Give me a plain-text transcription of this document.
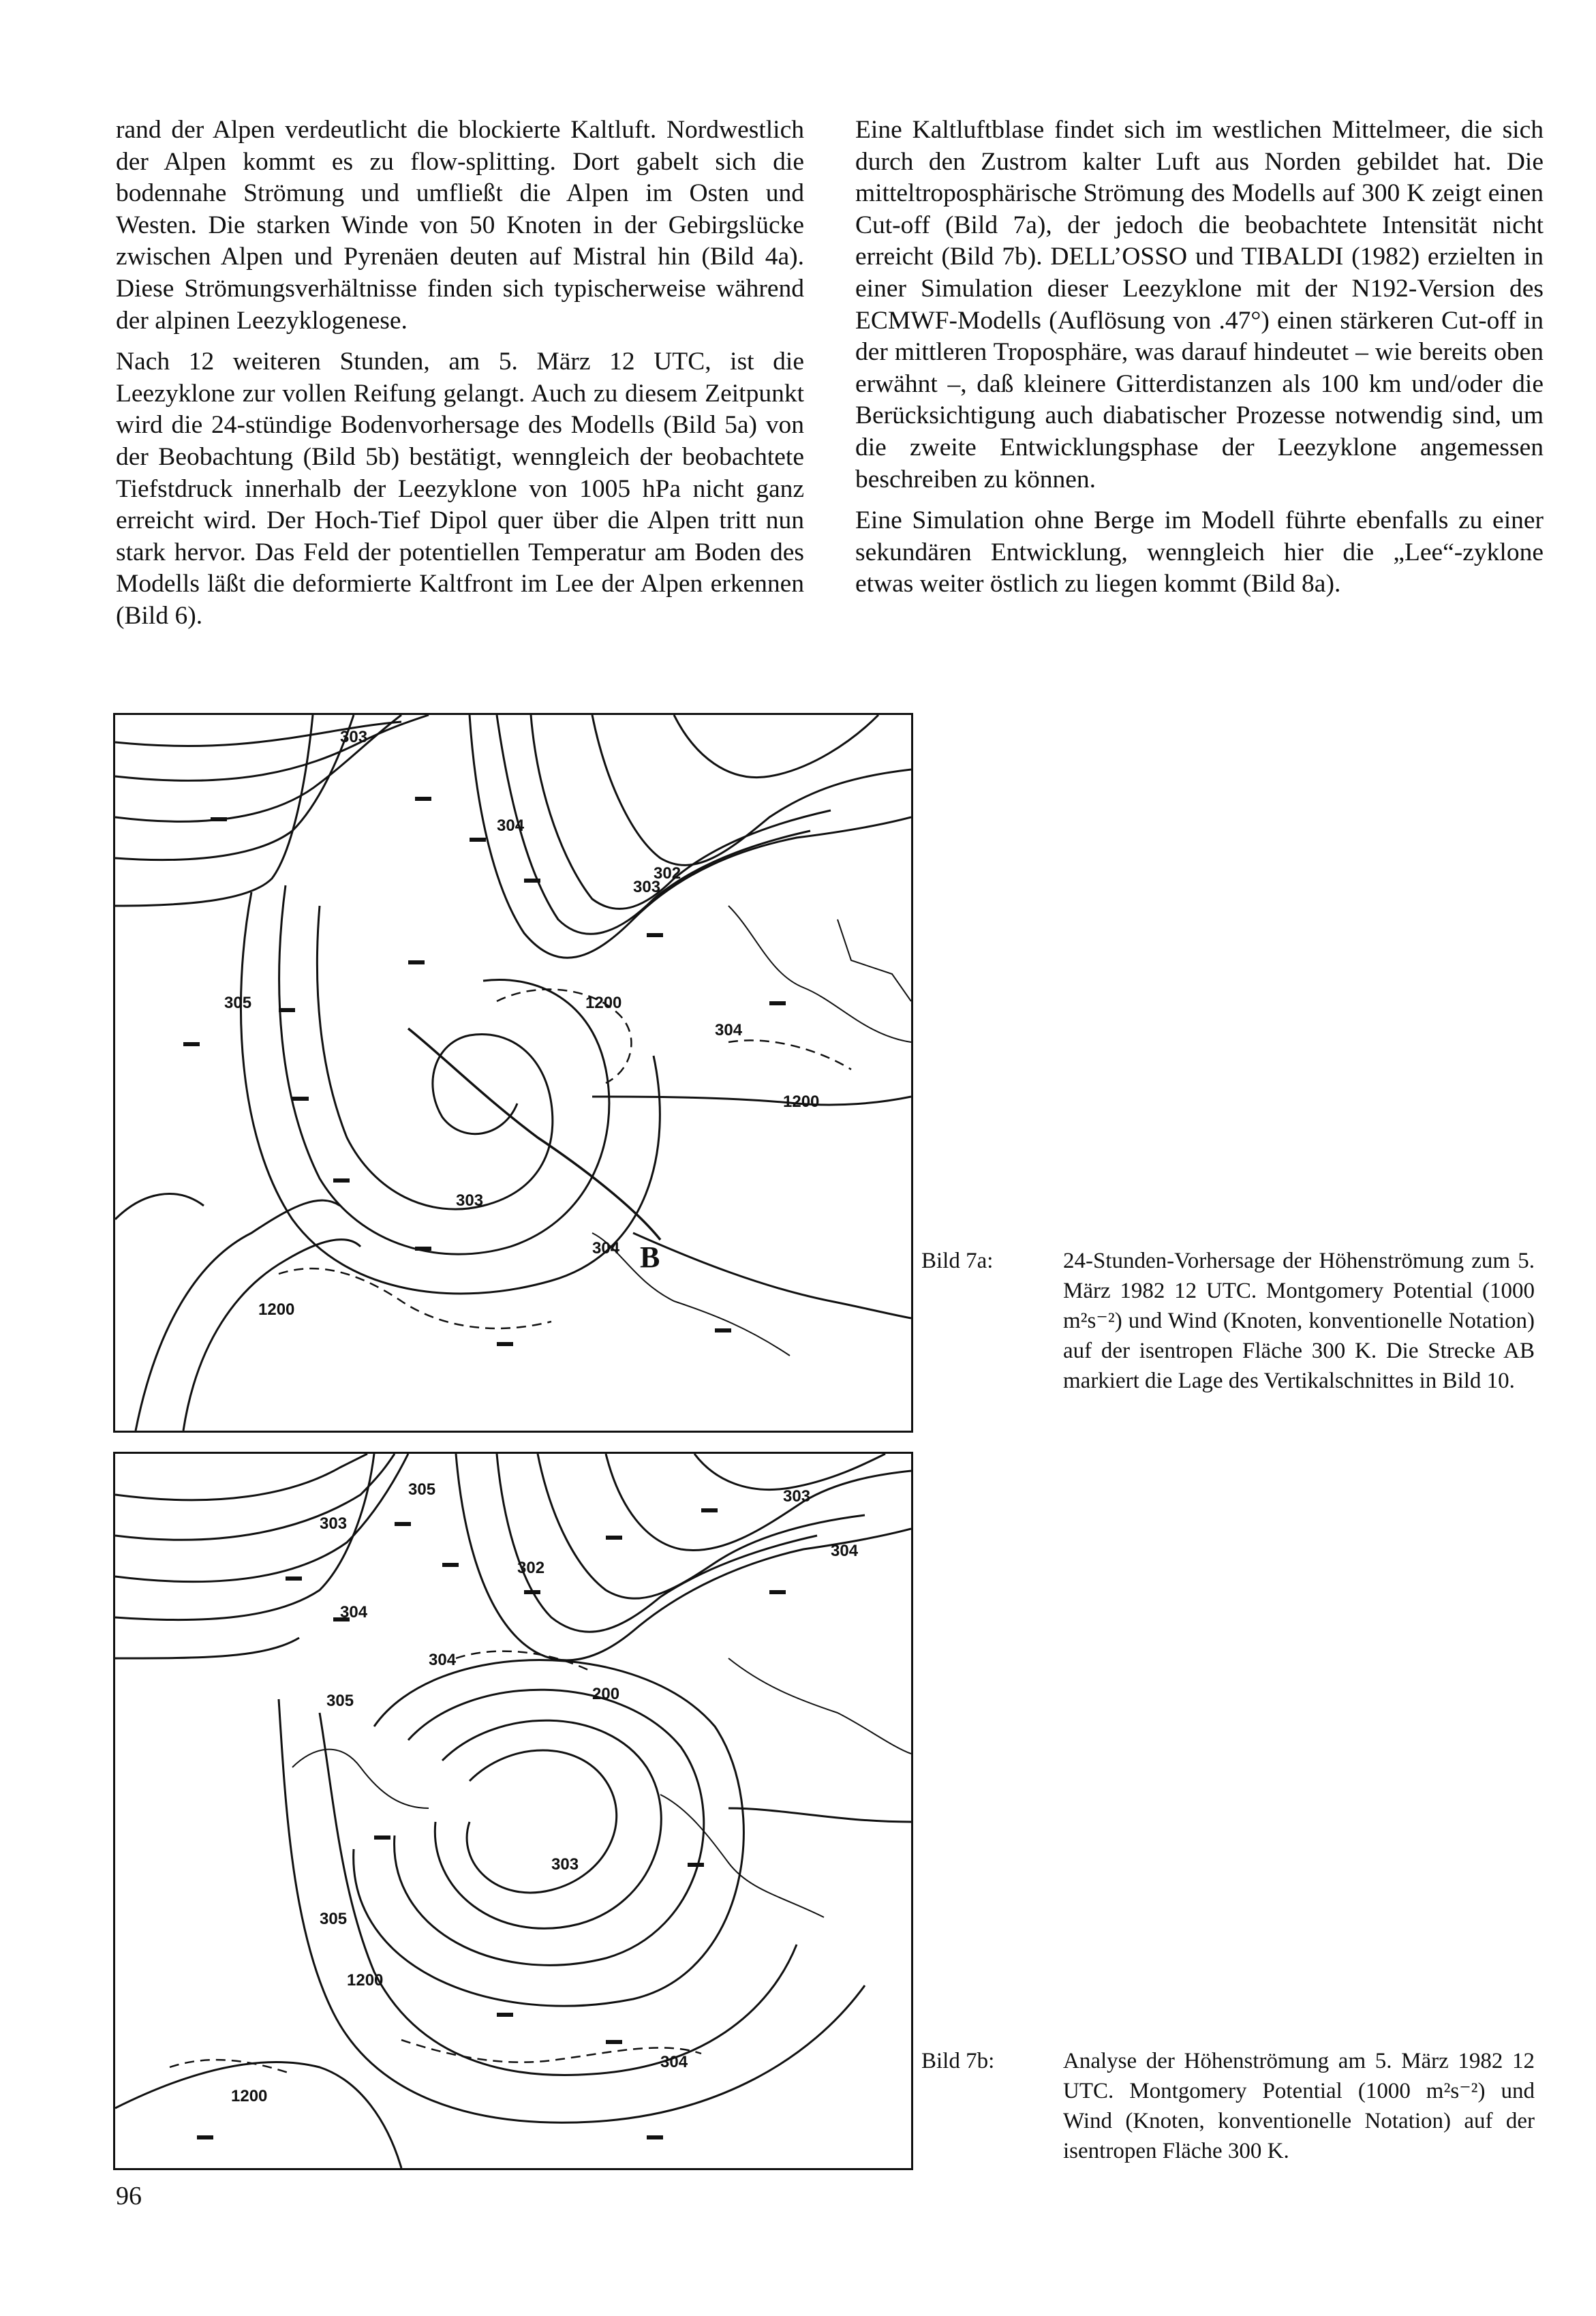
rand der Alpen verdeutlicht die blockierte Kaltluft. Nordwestlich der Alpen kommt es zu flow-splitting. Dort gabelt sich die bodennahe Strömung und umfließt die Alpen im Osten und Westen. Die starken Winde von 50 Knoten in der Gebirgslücke zwischen Alpen und Pyrenäen deuten auf Mistral hin (Bild 4a). Diese Strömungsverhältnisse finden sich typischerweise während der alpinen Leezyklogenese.

Nach 12 weiteren Stunden, am 5. März 12 UTC, ist die Leezyklone zur vollen Reifung gelangt. Auch zu diesem Zeitpunkt wird die 24-stündige Bodenvorhersage des Modells (Bild 5a) von der Beobachtung (Bild 5b) bestätigt, wenngleich der beobachtete Tiefstdruck innerhalb der Leezyklone von 1005 hPa nicht ganz erreicht wird. Der Hoch-Tief Dipol quer über die Alpen tritt nun stark hervor. Das Feld der potentiellen Temperatur am Boden des Modells läßt die deformierte Kaltfront im Lee der Alpen erkennen (Bild 6).

Eine Kaltluftblase findet sich im westlichen Mittelmeer, die sich durch den Zustrom kalter Luft aus Norden gebildet hat. Die mitteltroposphärische Strömung des Modells auf 300 K zeigt einen Cut-off (Bild 7a), der jedoch die beobachtete Intensität nicht erreicht (Bild 7b). DELL’OSSO und TIBALDI (1982) erzielten in einer Simulation dieser Leezyklone mit der N192-Version des ECMWF-Modells (Auflösung von .47°) einen stärkeren Cut-off in der mittleren Troposphäre, was darauf hindeutet – wie bereits oben erwähnt –, daß kleinere Gitterdistanzen als 100 km und/oder die Berücksichtigung auch diabatischer Prozesse notwendig sind, um die zweite Entwicklungsphase der Leezyklone angemessen beschreiben zu können.

Eine Simulation ohne Berge im Modell führte ebenfalls zu einer sekundären Entwicklung, wenngleich hier die „Lee“-zyklone etwas weiter östlich zu liegen kommt (Bild 8a).

303
304
302
1200
1200
303
304
305
303
304
1200
B	Bild 7a:	24-Stunden-Vorhersage der Höhenströmung zum 5. März 1982 12 UTC. Montgomery Potential (1000 m²s⁻²) und Wind (Knoten, konventionelle Notation) auf der isentropen Fläche 300 K. Die Strecke AB markiert die Lage des Vertikalschnittes in Bild 10.
303
304
305
302
303
304
305	200
304
305
1200
1200
303
304	Bild 7b:	Analyse der Höhenströmung am 5. März 1982 12 UTC. Montgomery Potential (1000 m²s⁻²) und Wind (Knoten, konventionelle Notation) auf der isentropen Fläche 300 K.
96
